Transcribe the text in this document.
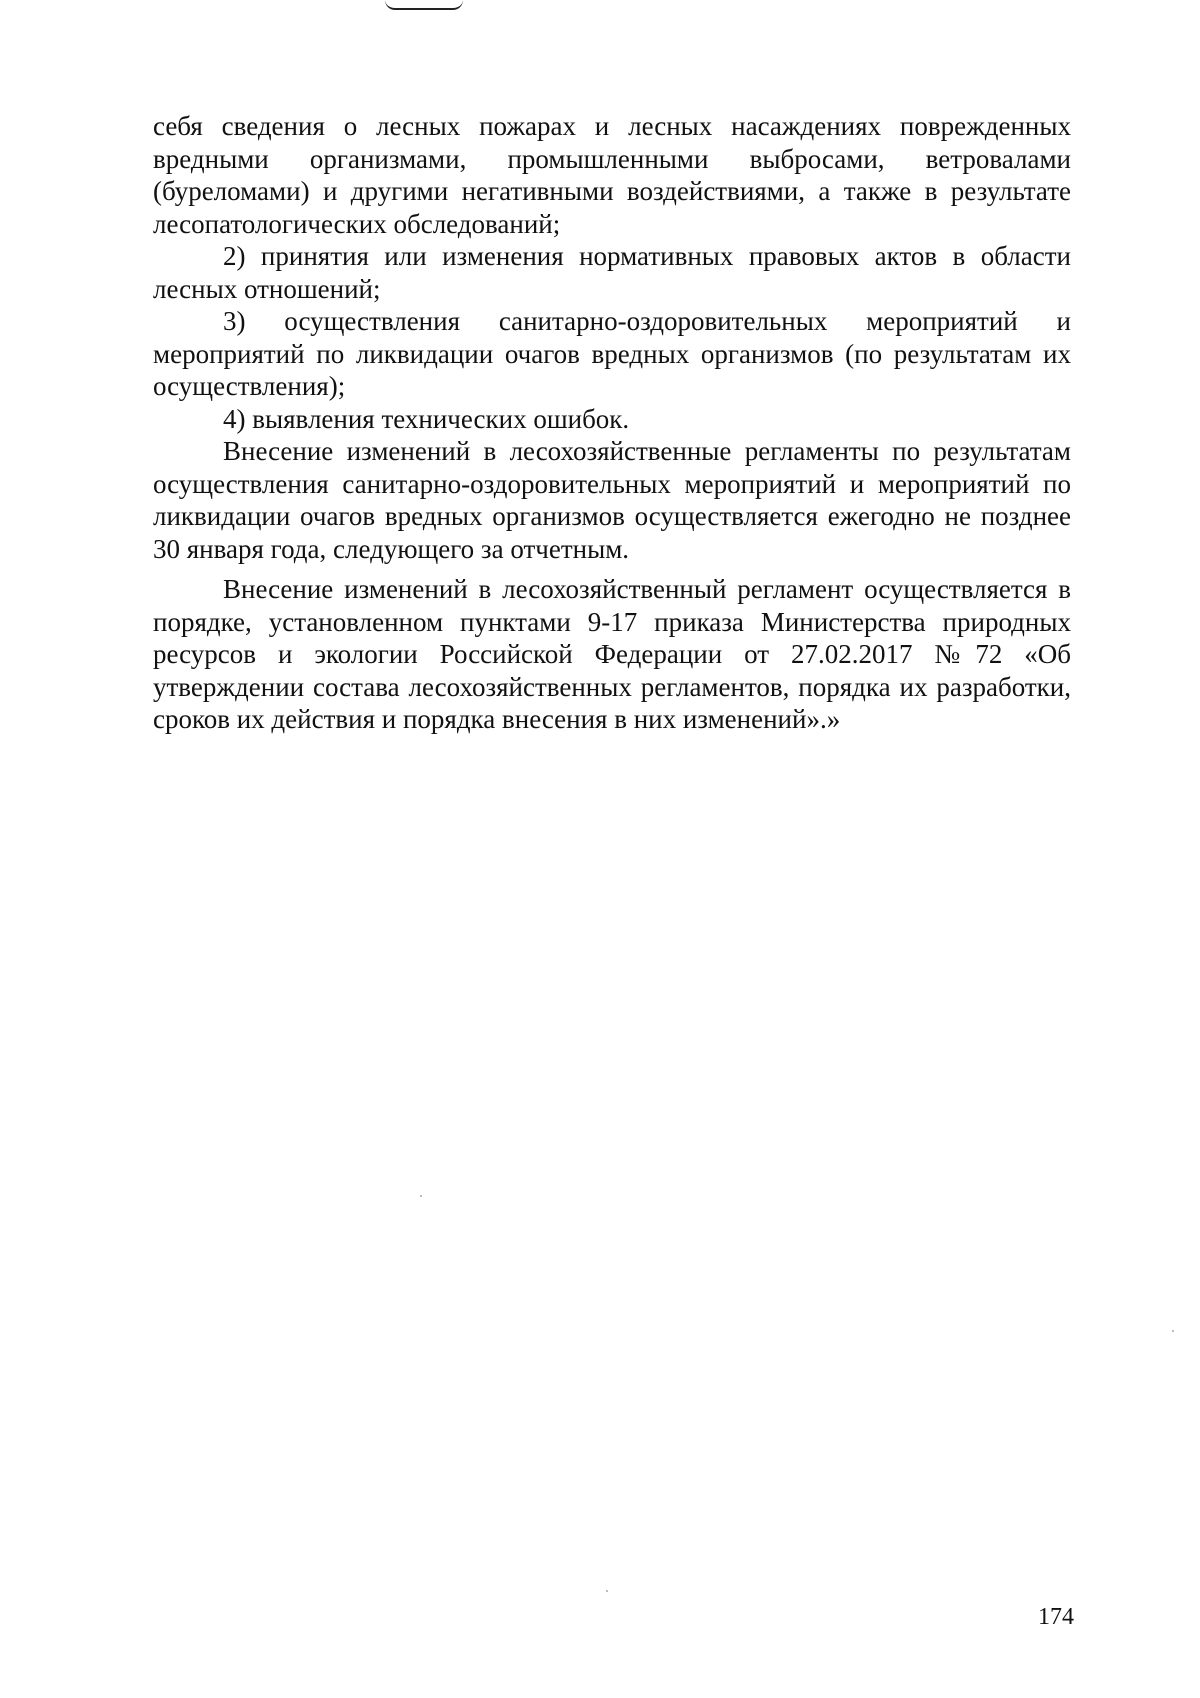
себя сведения о лесных пожарах и лесных насаждениях поврежденных вредными организмами, промышленными выбросами, ветровалами (буреломами) и другими негативными воздействиями, а также в результате лесопатологических обследований;

2) принятия или изменения нормативных правовых актов в области лесных отношений;

3) осуществления санитарно-оздоровительных мероприятий и мероприятий по ликвидации очагов вредных организмов (по результатам их осуществления);

4) выявления технических ошибок.

Внесение изменений в лесохозяйственные регламенты по результатам осуществления санитарно-оздоровительных мероприятий и мероприятий по ликвидации очагов вредных организмов осуществляется ежегодно не позднее 30 января года, следующего за отчетным.

Внесение изменений в лесохозяйственный регламент осуществляется в порядке, установленном пунктами 9-17 приказа Министерства природных ресурсов и экологии Российской Федерации от 27.02.2017 №72 «Об утверждении состава лесохозяйственных регламентов, порядка их разработки, сроков их действия и порядка внесения в них изменений».»

174
